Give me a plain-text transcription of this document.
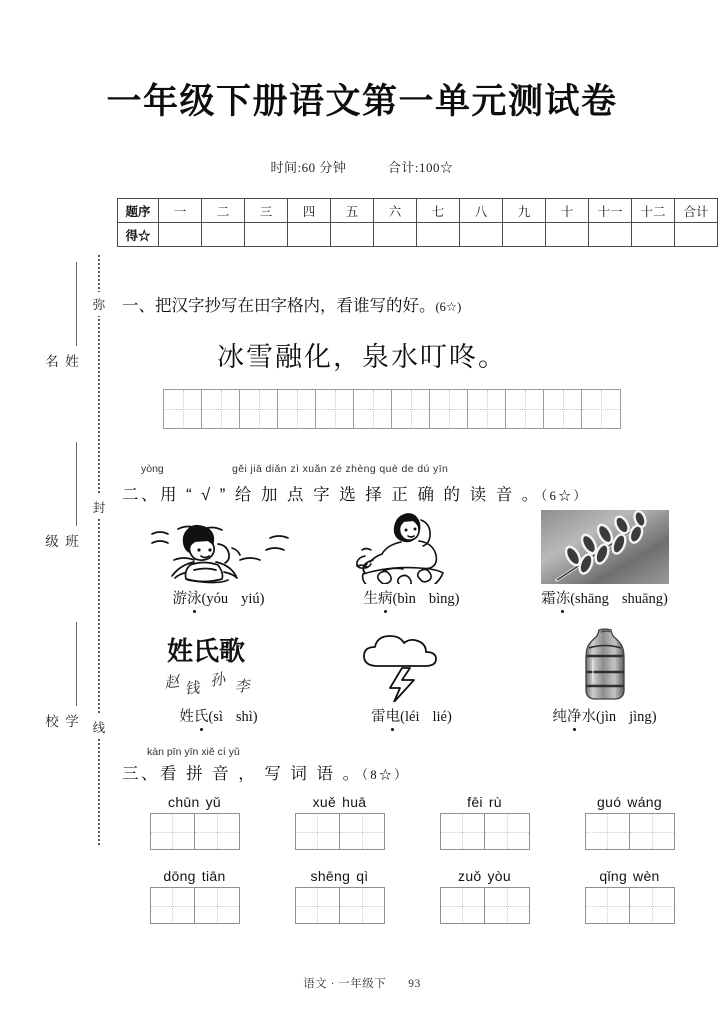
姓名
班级
学校
弥
封
线
一年级下册语文第一单元测试卷
时间:60 分钟	合计:100☆
题序	一	二	三	四	五	六	七	八	九	十	十一	十二	合计
得☆													
一、把汉字抄写在田字格内，看谁写的好。(6☆)
冰雪融化，泉水叮咚。
yòng	gěi jiā diǎn zì xuǎn zé zhèng què de dú yīn
二、用 “ √ ” 给 加 点 字 选 择 正 确 的 读 音 。（6☆）
游泳(yóu yiú)	生病(bìn bìng)	霜冻(shāng shuāng)
姓氏歌
赵 钱 孙 李
姓氏(sì shì)	雷电(léi lié)	纯净水(jìn jìng)
kàn pīn yīn xiě cí yǔ
三、看 拼 音 ， 写 词 语 。（8☆）
chūn yǔ	xuě huā	fēi rù	guó wáng
dōng tiān	shēng qì	zuǒ yòu	qǐng wèn
语文 · 一年级下 93
